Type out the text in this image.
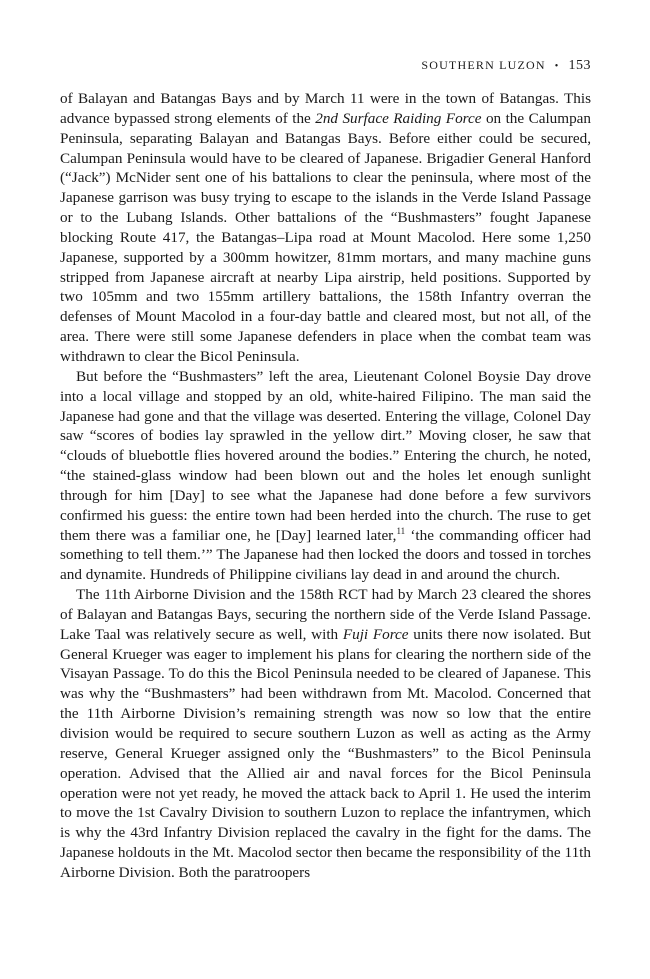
SOUTHERN LUZON • 153

of Balayan and Batangas Bays and by March 11 were in the town of Batangas. This advance bypassed strong elements of the 2nd Surface Raiding Force on the Calumpan Peninsula, separating Balayan and Batangas Bays. Before either could be secured, Calumpan Peninsula would have to be cleared of Japanese. Brigadier General Hanford (“Jack”) McNider sent one of his battalions to clear the peninsula, where most of the Japanese garrison was busy trying to escape to the islands in the Verde Island Passage or to the Lubang Islands. Other battalions of the “Bushmasters” fought Japanese blocking Route 417, the Batangas–Lipa road at Mount Macolod. Here some 1,250 Japanese, supported by a 300mm howitzer, 81mm mortars, and many machine guns stripped from Japanese aircraft at nearby Lipa airstrip, held positions. Supported by two 105mm and two 155mm artillery battalions, the 158th Infantry overran the defenses of Mount Macolod in a four-day battle and cleared most, but not all, of the area. There were still some Japanese defenders in place when the combat team was withdrawn to clear the Bicol Peninsula.

But before the “Bushmasters” left the area, Lieutenant Colonel Boysie Day drove into a local village and stopped by an old, white-haired Filipino. The man said the Japanese had gone and that the village was deserted. Entering the village, Colonel Day saw “scores of bodies lay sprawled in the yellow dirt.” Moving closer, he saw that “clouds of bluebottle flies hovered around the bodies.” Entering the church, he noted, “the stained-glass window had been blown out and the holes let enough sunlight through for him [Day] to see what the Japanese had done before a few survivors confirmed his guess: the entire town had been herded into the church. The ruse to get them there was a familiar one, he [Day] learned later,$^{11}$ ‘the commanding officer had something to tell them.’” The Japanese had then locked the doors and tossed in torches and dynamite. Hundreds of Philippine civilians lay dead in and around the church.

The 11th Airborne Division and the 158th RCT had by March 23 cleared the shores of Balayan and Batangas Bays, securing the northern side of the Verde Island Passage. Lake Taal was relatively secure as well, with Fuji Force units there now isolated. But General Krueger was eager to implement his plans for clearing the northern side of the Visayan Passage. To do this the Bicol Peninsula needed to be cleared of Japanese. This was why the “Bushmasters” had been withdrawn from Mt. Macolod. Concerned that the 11th Airborne Division’s remaining strength was now so low that the entire division would be required to secure southern Luzon as well as acting as the Army reserve, General Krueger assigned only the “Bushmasters” to the Bicol Peninsula operation. Advised that the Allied air and naval forces for the Bicol Peninsula operation were not yet ready, he moved the attack back to April 1. He used the interim to move the 1st Cavalry Division to southern Luzon to replace the infantrymen, which is why the 43rd Infantry Division replaced the cavalry in the fight for the dams. The Japanese holdouts in the Mt. Macolod sector then became the responsibility of the 11th Airborne Division. Both the paratroopers
